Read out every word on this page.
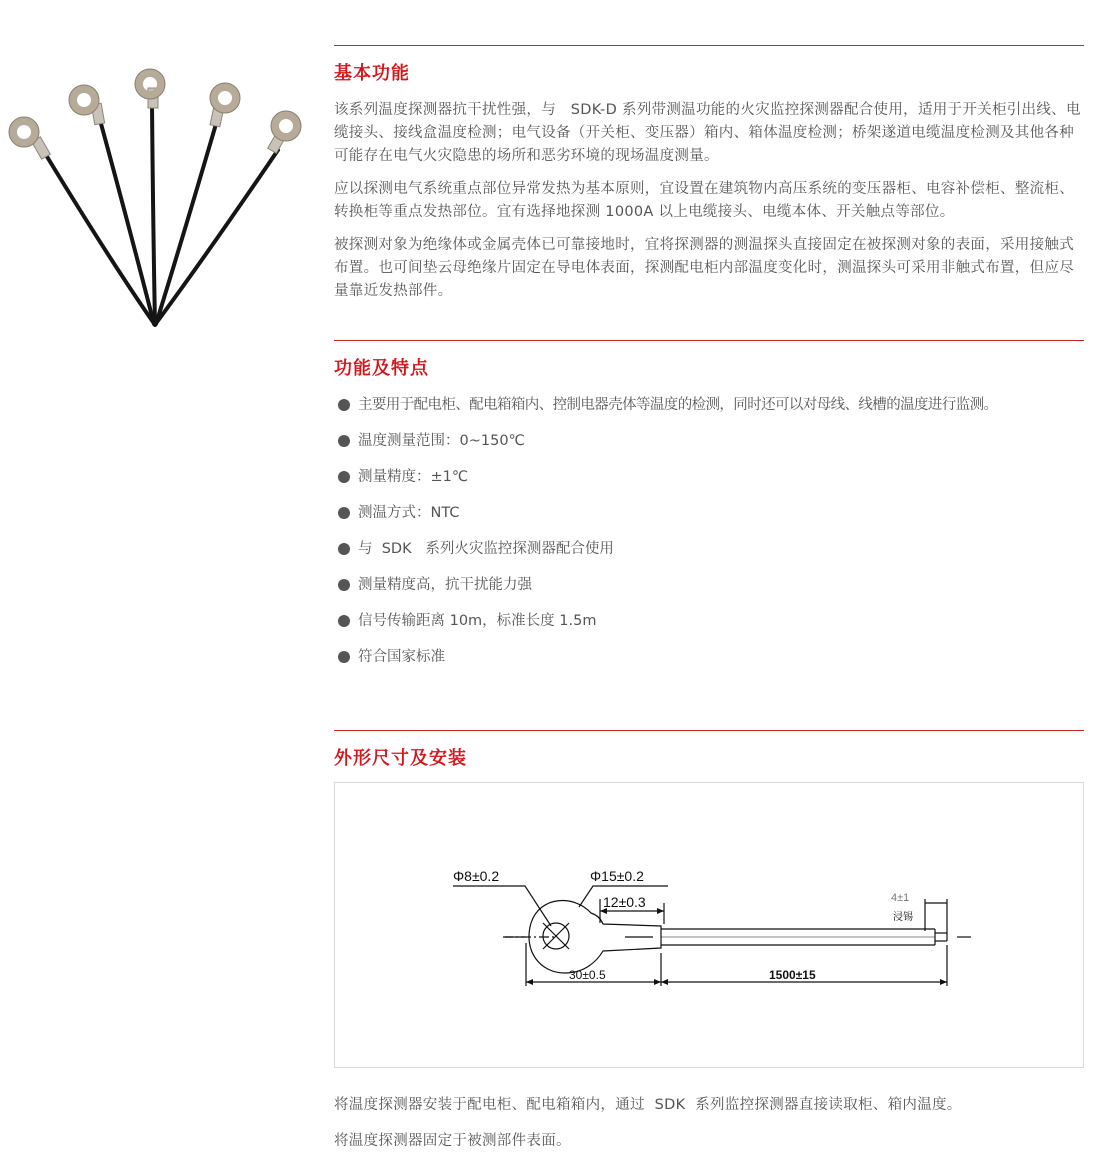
基本功能
该系列温度探测器抗干扰性强，与　SDK-D 系列带测温功能的火灾监控探测器配合使用，适用于开关柜引出线、电缆接头、接线盒温度检测；电气设备（开关柜、变压器）箱内、箱体温度检测；桥架遂道电缆温度检测及其他各种可能存在电气火灾隐患的场所和恶劣环境的现场温度测量。
应以探测电气系统重点部位异常发热为基本原则，宜设置在建筑物内高压系统的变压器柜、电容补偿柜、整流柜、转换柜等重点发热部位。宜有选择地探测 1000A 以上电缆接头、电缆本体、开关触点等部位。
被探测对象为绝缘体或金属壳体已可靠接地时，宜将探测器的测温探头直接固定在被探测对象的表面，采用接触式布置。也可间垫云母绝缘片固定在导电体表面，探测配电柜内部温度变化时，测温探头可采用非触式布置，但应尽量靠近发热部件。
功能及特点
主要用于配电柜、配电箱箱内、控制电器壳体等温度的检测，同时还可以对母线、线槽的温度进行监测。
温度测量范围：0~150℃
测量精度：±1℃
测温方式：NTC
与  SDK   系列火灾监控探测器配合使用
测量精度高，抗干扰能力强
信号传输距离 10m，标准长度 1.5m
符合国家标准
外形尺寸及安装
Φ8±0.2	Φ15±0.2
12±0.3	4±1
浸锡
30±0.5	1500±15
将温度探测器安装于配电柜、配电箱箱内，通过  SDK  系列监控探测器直接读取柜、箱内温度。
将温度探测器固定于被测部件表面。
